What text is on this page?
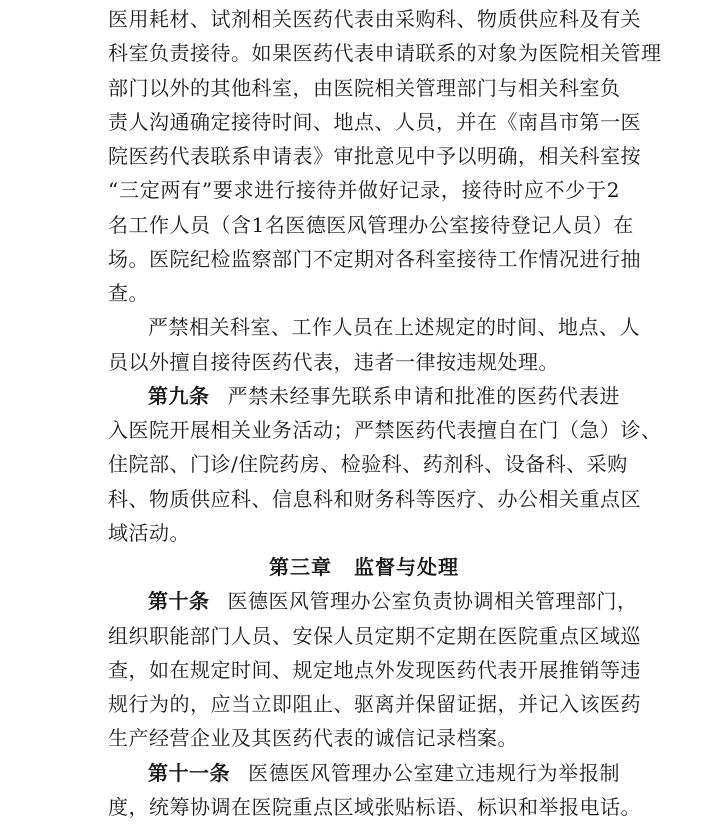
医用耗材、试剂相关医药代表由采购科、物质供应科及有关
科室负责接待。如果医药代表申请联系的对象为医院相关管理
部门以外的其他科室，由医院相关管理部门与相关科室负
责人沟通确定接待时间、地点、人员，并在《南昌市第一医
院医药代表联系申请表》审批意见中予以明确，相关科室按
“三定两有”要求进行接待并做好记录，接待时应不少于2
名工作人员（含1名医德医风管理办公室接待登记人员）在
场。医院纪检监察部门不定期对各科室接待工作情况进行抽
查。
严禁相关科室、工作人员在上述规定的时间、地点、人
员以外擅自接待医药代表，违者一律按违规处理。
第九条 严禁未经事先联系申请和批准的医药代表进
入医院开展相关业务活动；严禁医药代表擅自在门（急）诊、
住院部、门诊/住院药房、检验科、药剂科、设备科、采购
科、物质供应科、信息科和财务科等医疗、办公相关重点区
域活动。
第三章 监督与处理
第十条 医德医风管理办公室负责协调相关管理部门，
组织职能部门人员、安保人员定期不定期在医院重点区域巡
查，如在规定时间、规定地点外发现医药代表开展推销等违
规行为的，应当立即阻止、驱离并保留证据，并记入该医药
生产经营企业及其医药代表的诚信记录档案。
第十一条 医德医风管理办公室建立违规行为举报制
度，统筹协调在医院重点区域张贴标语、标识和举报电话。
